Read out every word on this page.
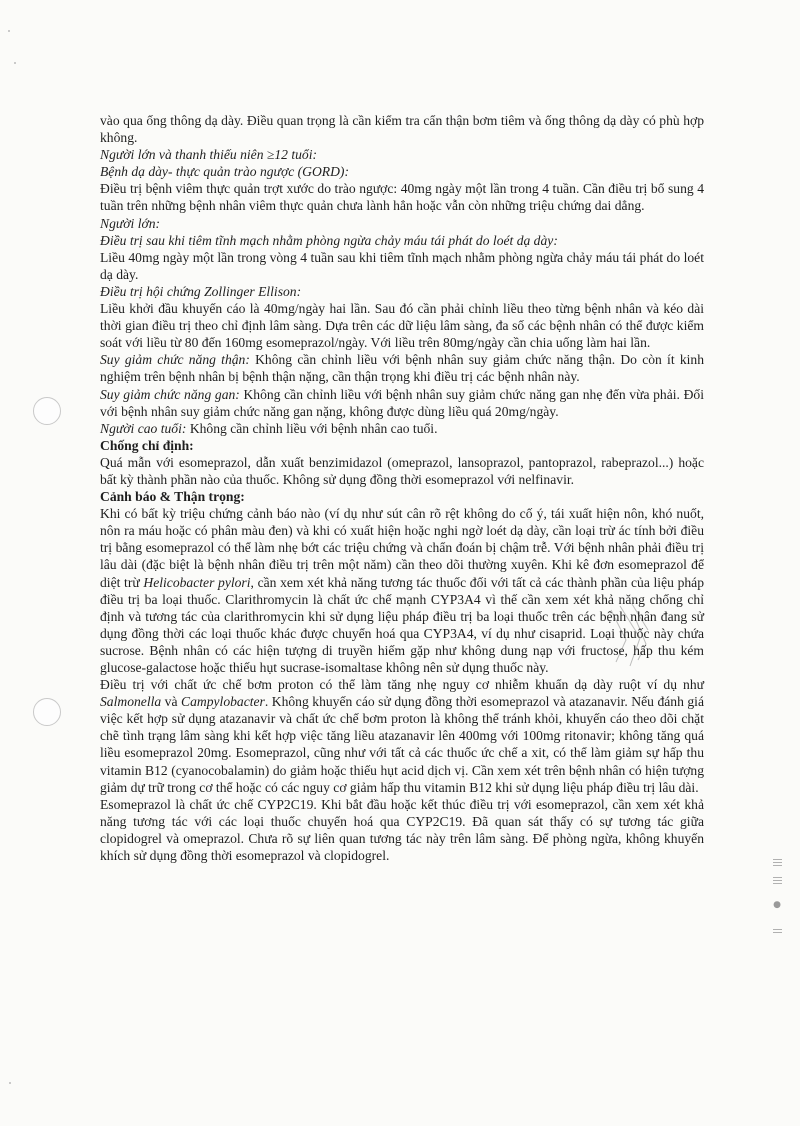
|||
|||
●
||

vào qua ống thông dạ dày. Điều quan trọng là cần kiểm tra cẩn thận bơm tiêm và ống thông dạ dày có phù hợp không.

Người lớn và thanh thiếu niên ≥12 tuổi:

Bệnh dạ dày- thực quản trào ngược (GORD):

Điều trị bệnh viêm thực quản trợt xước do trào ngược: 40mg ngày một lần trong 4 tuần. Cần điều trị bổ sung 4 tuần trên những bệnh nhân viêm thực quản chưa lành hẳn hoặc vẫn còn những triệu chứng dai dẳng.

Người lớn:

Điều trị sau khi tiêm tĩnh mạch nhằm phòng ngừa chảy máu tái phát do loét dạ dày:

Liều 40mg ngày một lần trong vòng 4 tuần sau khi tiêm tĩnh mạch nhằm phòng ngừa chảy máu tái phát do loét dạ dày.

Điều trị hội chứng Zollinger Ellison:

Liều khởi đầu khuyến cáo là 40mg/ngày hai lần. Sau đó cần phải chỉnh liều theo từng bệnh nhân và kéo dài thời gian điều trị theo chỉ định lâm sàng. Dựa trên các dữ liệu lâm sàng, đa số các bệnh nhân có thể được kiểm soát với liều từ 80 đến 160mg esomeprazol/ngày. Với liều trên 80mg/ngày cần chia uống làm hai lần.

Suy giảm chức năng thận: Không cần chỉnh liều với bệnh nhân suy giảm chức năng thận. Do còn ít kinh nghiệm trên bệnh nhân bị bệnh thận nặng, cần thận trọng khi điều trị các bệnh nhân này.

Suy giảm chức năng gan: Không cần chỉnh liều với bệnh nhân suy giảm chức năng gan nhẹ đến vừa phải. Đối với bệnh nhân suy giảm chức năng gan nặng, không được dùng liều quá 20mg/ngày.

Người cao tuổi: Không cần chỉnh liều với bệnh nhân cao tuổi.

Chống chỉ định:

Quá mẫn với esomeprazol, dẫn xuất benzimidazol (omeprazol, lansoprazol, pantoprazol, rabeprazol...) hoặc bất kỳ thành phần nào của thuốc. Không sử dụng đồng thời esomeprazol với nelfinavir.

Cảnh báo & Thận trọng:

Khi có bất kỳ triệu chứng cảnh báo nào (ví dụ như sút cân rõ rệt không do cố ý, tái xuất hiện nôn, khó nuốt, nôn ra máu hoặc có phân màu đen) và khi có xuất hiện hoặc nghi ngờ loét dạ dày, cần loại trừ ác tính bởi điều trị bằng esomeprazol có thể làm nhẹ bớt các triệu chứng và chẩn đoán bị chậm trễ. Với bệnh nhân phải điều trị lâu dài (đặc biệt là bệnh nhân điều trị trên một năm) cần theo dõi thường xuyên. Khi kê đơn esomeprazol để diệt trừ Helicobacter pylori, cần xem xét khả năng tương tác thuốc đối với tất cả các thành phần của liệu pháp điều trị ba loại thuốc. Clarithromycin là chất ức chế mạnh CYP3A4 vì thế cần xem xét khả năng chống chỉ định và tương tác của clarithromycin khi sử dụng liệu pháp điều trị ba loại thuốc trên các bệnh nhân đang sử dụng đồng thời các loại thuốc khác được chuyển hoá qua CYP3A4, ví dụ như cisaprid. Loại thuốc này chứa sucrose. Bệnh nhân có các hiện tượng di truyền hiếm gặp như không dung nạp với fructose, hấp thu kém glucose-galactose hoặc thiếu hụt sucrase-isomaltase không nên sử dụng thuốc này.

Điều trị với chất ức chế bơm proton có thể làm tăng nhẹ nguy cơ nhiễm khuẩn dạ dày ruột ví dụ như Salmonella và Campylobacter. Không khuyến cáo sử dụng đồng thời esomeprazol và atazanavir. Nếu đánh giá việc kết hợp sử dụng atazanavir và chất ức chế bơm proton là không thể tránh khỏi, khuyến cáo theo dõi chặt chẽ tình trạng lâm sàng khi kết hợp việc tăng liều atazanavir lên 400mg với 100mg ritonavir; không tăng quá liều esomeprazol 20mg. Esomeprazol, cũng như với tất cả các thuốc ức chế a xit, có thể làm giảm sự hấp thu vitamin B12 (cyanocobalamin) do giảm hoặc thiếu hụt acid dịch vị. Cần xem xét trên bệnh nhân có hiện tượng giảm dự trữ trong cơ thể hoặc có các nguy cơ giảm hấp thu vitamin B12 khi sử dụng liệu pháp điều trị lâu dài.

Esomeprazol là chất ức chế CYP2C19. Khi bắt đầu hoặc kết thúc điều trị với esomeprazol, cần xem xét khả năng tương tác với các loại thuốc chuyển hoá qua CYP2C19. Đã quan sát thấy có sự tương tác giữa clopidogrel và omeprazol. Chưa rõ sự liên quan tương tác này trên lâm sàng. Để phòng ngừa, không khuyến khích sử dụng đồng thời esomeprazol và clopidogrel.
